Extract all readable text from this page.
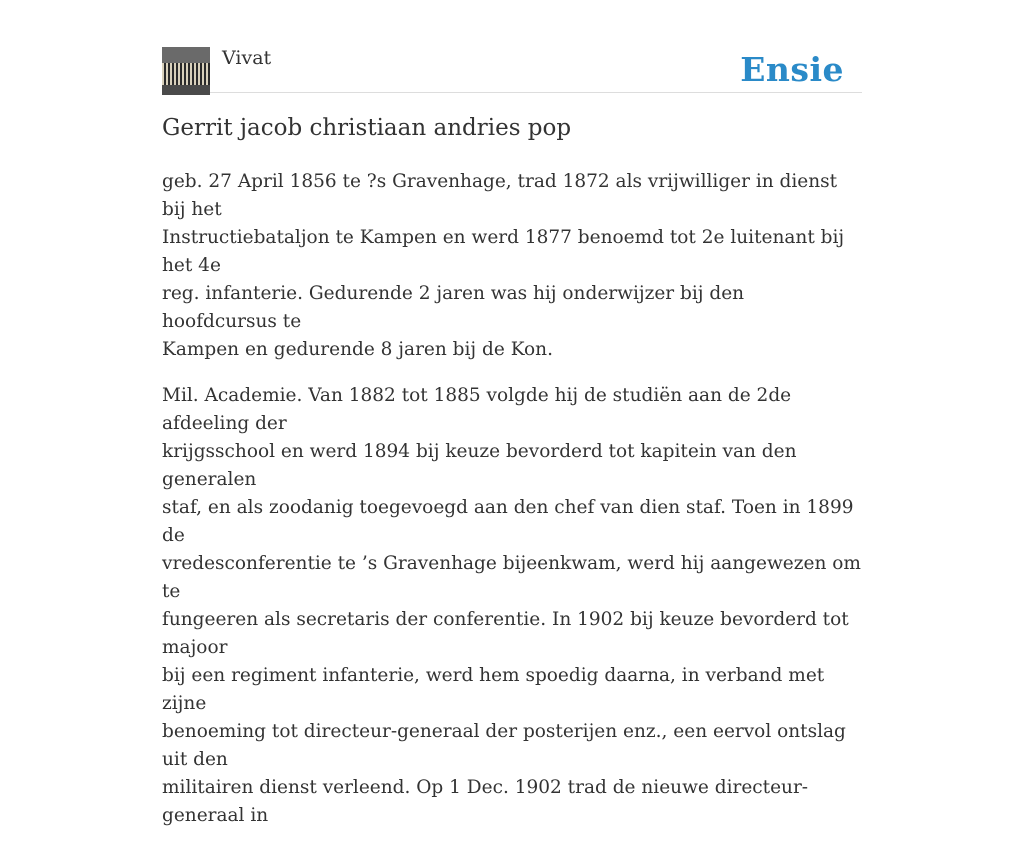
Vivat	Ensie
Gerrit jacob christiaan andries pop

geb. 27 April 1856 te ?s Gravenhage, trad 1872 als vrijwilliger in dienst bij het
Instructiebataljon te Kampen en werd 1877 benoemd tot 2e luitenant bij het 4e
reg. infanterie. Gedurende 2 jaren was hij onderwijzer bij den hoofdcursus te
Kampen en gedurende 8 jaren bij de Kon.

Mil. Academie. Van 1882 tot 1885 volgde hij de studiën aan de 2de afdeeling der
krijgsschool en werd 1894 bij keuze bevorderd tot kapitein van den generalen
staf, en als zoodanig toegevoegd aan den chef van dien staf. Toen in 1899 de
vredesconferentie te ’s Gravenhage bijeenkwam, werd hij aangewezen om te
fungeeren als secretaris der conferentie. In 1902 bij keuze bevorderd tot majoor
bij een regiment infanterie, werd hem spoedig daarna, in verband met zijne
benoeming tot directeur-generaal der posterijen enz., een eervol ontslag uit den
militairen dienst verleend. Op 1 Dec. 1902 trad de nieuwe directeur-generaal in
